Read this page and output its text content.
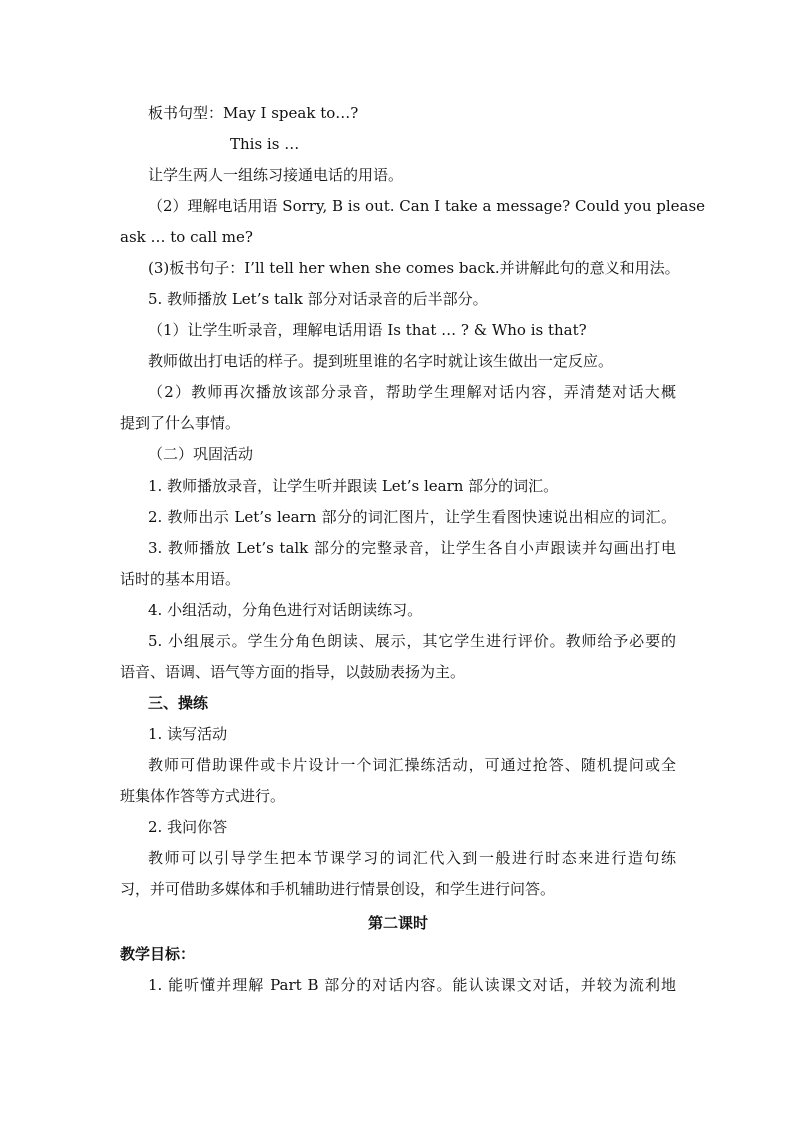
板书句型：May I speak to…?
This is …
让学生两人一组练习接通电话的用语。
（2）理解电话用语 Sorry, B is out. Can I take a message? Could you please
ask … to call me?
(3)板书句子：I’ll tell her when she comes back.并讲解此句的意义和用法。
5. 教师播放 Let’s talk 部分对话录音的后半部分。
（1）让学生听录音，理解电话用语 Is that … ? & Who is that?
教师做出打电话的样子。提到班里谁的名字时就让该生做出一定反应。
（2）教师再次播放该部分录音，帮助学生理解对话内容，弄清楚对话大概
提到了什么事情。
（二）巩固活动
1. 教师播放录音，让学生听并跟读 Let’s learn 部分的词汇。
2. 教师出示 Let’s learn 部分的词汇图片，让学生看图快速说出相应的词汇。
3. 教师播放 Let’s talk 部分的完整录音，让学生各自小声跟读并勾画出打电
话时的基本用语。
4. 小组活动，分角色进行对话朗读练习。
5. 小组展示。学生分角色朗读、展示，其它学生进行评价。教师给予必要的
语音、语调、语气等方面的指导，以鼓励表扬为主。
三、操练
1. 读写活动
教师可借助课件或卡片设计一个词汇操练活动，可通过抢答、随机提问或全
班集体作答等方式进行。
2. 我问你答
教师可以引导学生把本节课学习的词汇代入到一般进行时态来进行造句练
习，并可借助多媒体和手机辅助进行情景创设，和学生进行问答。
第二课时
教学目标：
1. 能听懂并理解 Part B 部分的对话内容。能认读课文对话，并较为流利地
